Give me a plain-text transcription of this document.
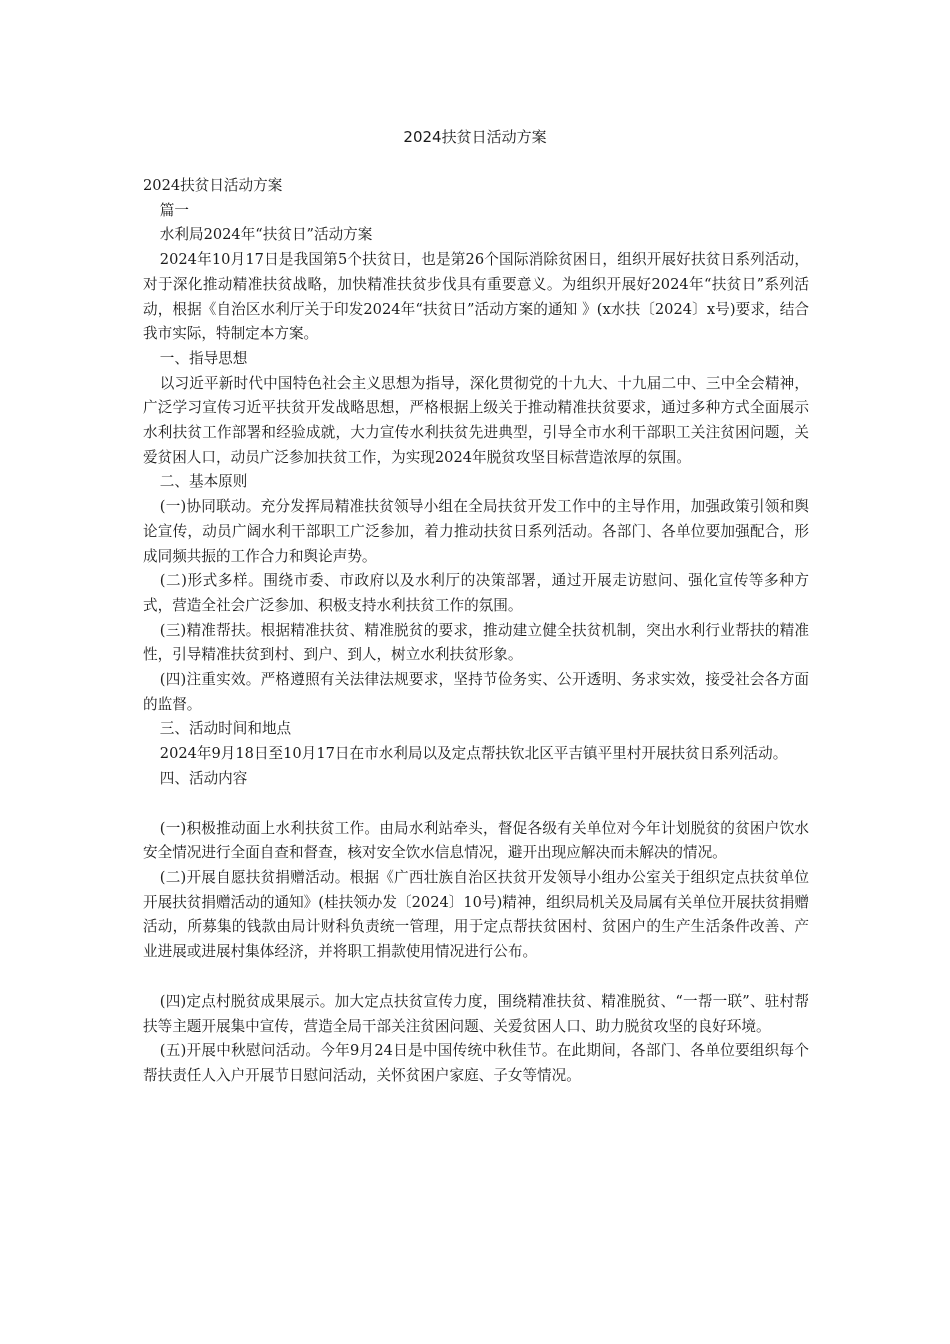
2024扶贫日活动方案

2024扶贫日活动方案

篇一

水利局2024年“扶贫日”活动方案

2024年10月17日是我国第5个扶贫日，也是第26个国际消除贫困日，组织开展好扶贫日系列活动，对于深化推动精准扶贫战略，加快精准扶贫步伐具有重要意义。为组织开展好2024年“扶贫日”系列活动，根据《自治区水利厅关于印发2024年“扶贫日”活动方案的通知 》(x水扶〔2024〕x号)要求，结合我市实际，特制定本方案。

一、指导思想

以习近平新时代中国特色社会主义思想为指导，深化贯彻党的十九大、十九届二中、三中全会精神，广泛学习宣传习近平扶贫开发战略思想，严格根据上级关于推动精准扶贫要求，通过多种方式全面展示水利扶贫工作部署和经验成就，大力宣传水利扶贫先进典型，引导全市水利干部职工关注贫困问题，关爱贫困人口，动员广泛参加扶贫工作，为实现2024年脱贫攻坚目标营造浓厚的氛围。

二、基本原则

(一)协同联动。充分发挥局精准扶贫领导小组在全局扶贫开发工作中的主导作用，加强政策引领和舆论宣传，动员广阔水利干部职工广泛参加，着力推动扶贫日系列活动。各部门、各单位要加强配合，形成同频共振的工作合力和舆论声势。

(二)形式多样。围绕市委、市政府以及水利厅的决策部署，通过开展走访慰问、强化宣传等多种方式，营造全社会广泛参加、积极支持水利扶贫工作的氛围。

(三)精准帮扶。根据精准扶贫、精准脱贫的要求，推动建立健全扶贫机制，突出水利行业帮扶的精准性，引导精准扶贫到村、到户、到人，树立水利扶贫形象。

(四)注重实效。严格遵照有关法律法规要求，坚持节俭务实、公开透明、务求实效，接受社会各方面的监督。

三、活动时间和地点

2024年9月18日至10月17日在市水利局以及定点帮扶钦北区平吉镇平里村开展扶贫日系列活动。

四、活动内容

(一)积极推动面上水利扶贫工作。由局水利站牵头，督促各级有关单位对今年计划脱贫的贫困户饮水安全情况进行全面自查和督查，核对安全饮水信息情况，避开出现应解决而未解决的情况。

(二)开展自愿扶贫捐赠活动。根据《广西壮族自治区扶贫开发领导小组办公室关于组织定点扶贫单位开展扶贫捐赠活动的通知》(桂扶领办发〔2024〕10号)精神，组织局机关及局属有关单位开展扶贫捐赠活动，所募集的钱款由局计财科负责统一管理，用于定点帮扶贫困村、贫困户的生产生活条件改善、产业进展或进展村集体经济，并将职工捐款使用情况进行公布。

(四)定点村脱贫成果展示。加大定点扶贫宣传力度，围绕精准扶贫、精准脱贫、“一帮一联”、驻村帮扶等主题开展集中宣传，营造全局干部关注贫困问题、关爱贫困人口、助力脱贫攻坚的良好环境。

(五)开展中秋慰问活动。今年9月24日是中国传统中秋佳节。在此期间，各部门、各单位要组织每个帮扶责任人入户开展节日慰问活动，关怀贫困户家庭、子女等情况。
